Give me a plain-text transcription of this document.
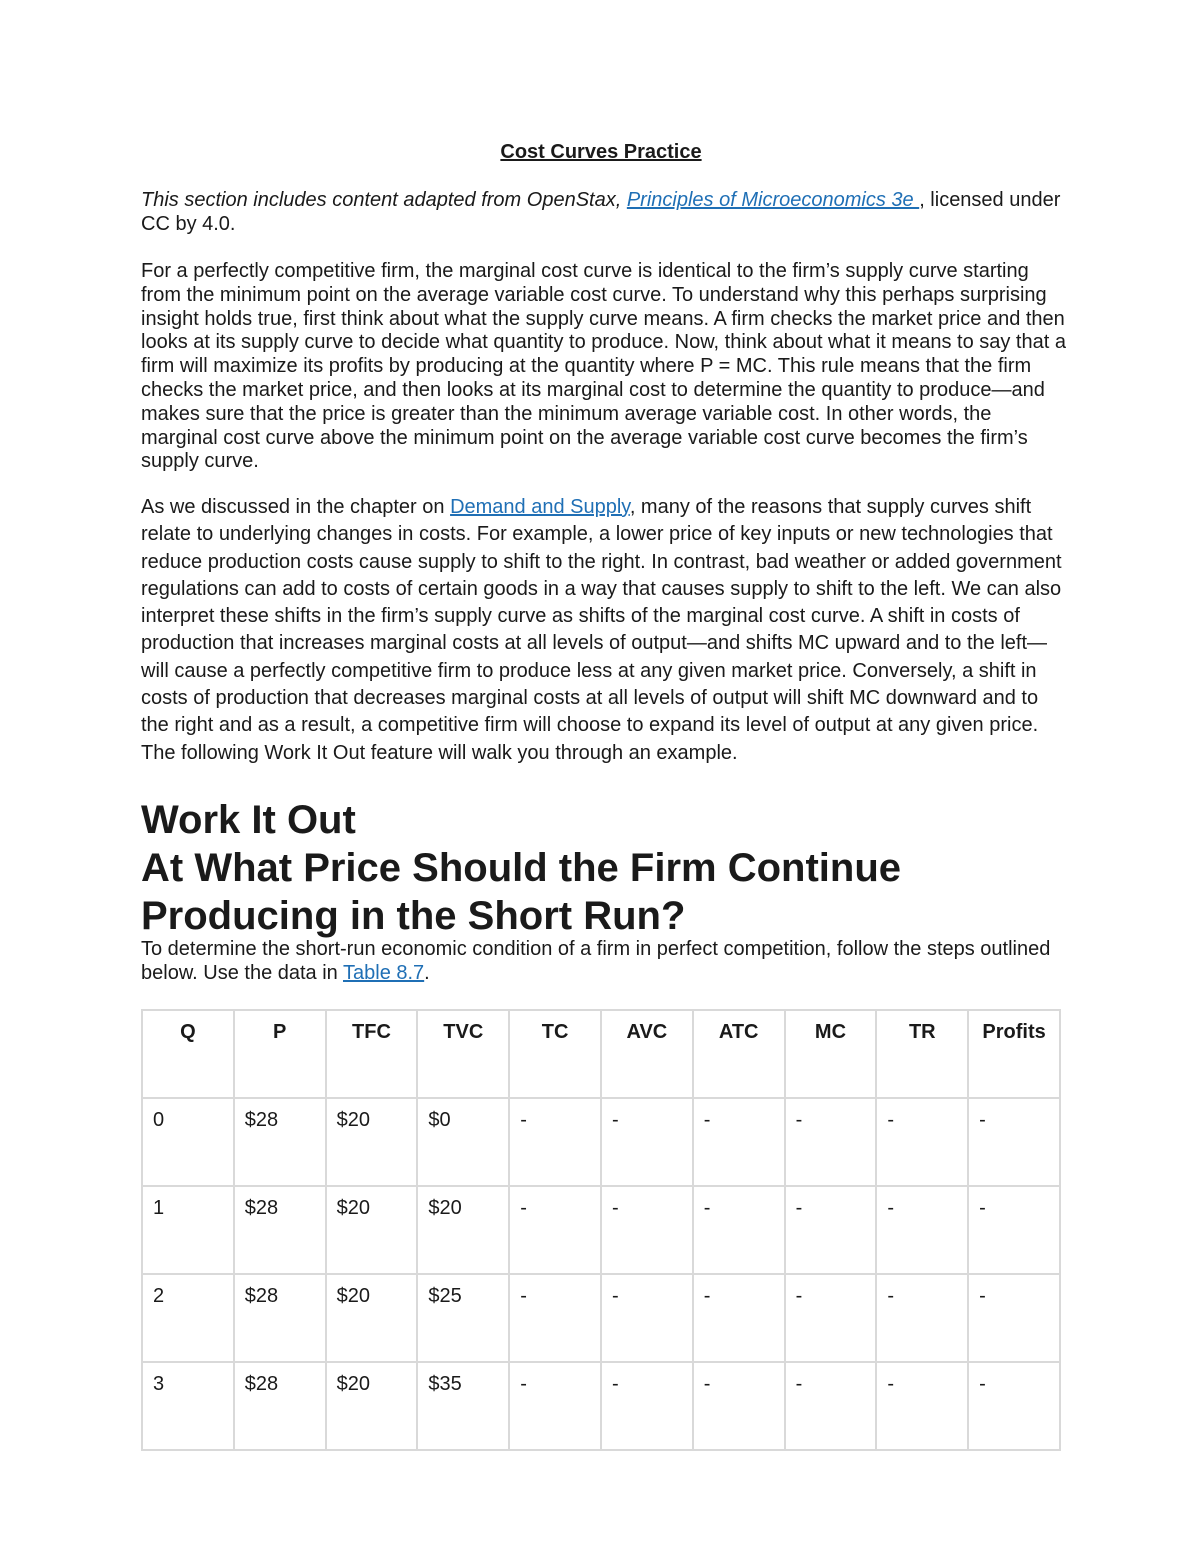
Cost Curves Practice
This section includes content adapted from OpenStax, Principles of Microeconomics 3e , licensed under CC by 4.0.
For a perfectly competitive firm, the marginal cost curve is identical to the firm’s supply curve starting from the minimum point on the average variable cost curve. To understand why this perhaps surprising insight holds true, first think about what the supply curve means. A firm checks the market price and then looks at its supply curve to decide what quantity to produce. Now, think about what it means to say that a firm will maximize its profits by producing at the quantity where P = MC. This rule means that the firm checks the market price, and then looks at its marginal cost to determine the quantity to produce—and makes sure that the price is greater than the minimum average variable cost. In other words, the marginal cost curve above the minimum point on the average variable cost curve becomes the firm’s supply curve.
As we discussed in the chapter on Demand and Supply, many of the reasons that supply curves shift relate to underlying changes in costs. For example, a lower price of key inputs or new technologies that reduce production costs cause supply to shift to the right. In contrast, bad weather or added government regulations can add to costs of certain goods in a way that causes supply to shift to the left. We can also interpret these shifts in the firm’s supply curve as shifts of the marginal cost curve. A shift in costs of production that increases marginal costs at all levels of output—and shifts MC upward and to the left—will cause a perfectly competitive firm to produce less at any given market price. Conversely, a shift in costs of production that decreases marginal costs at all levels of output will shift MC downward and to the right and as a result, a competitive firm will choose to expand its level of output at any given price. The following Work It Out feature will walk you through an example.
Work It Out
At What Price Should the Firm Continue Producing in the Short Run?
To determine the short-run economic condition of a firm in perfect competition, follow the steps outlined below. Use the data in Table 8.7.
Q	P	TFC	TVC	TC	AVC	ATC	MC	TR	Profits
0	$28	$20	$0	-	-	-	-	-	-
1	$28	$20	$20	-	-	-	-	-	-
2	$28	$20	$25	-	-	-	-	-	-
3	$28	$20	$35	-	-	-	-	-	-
